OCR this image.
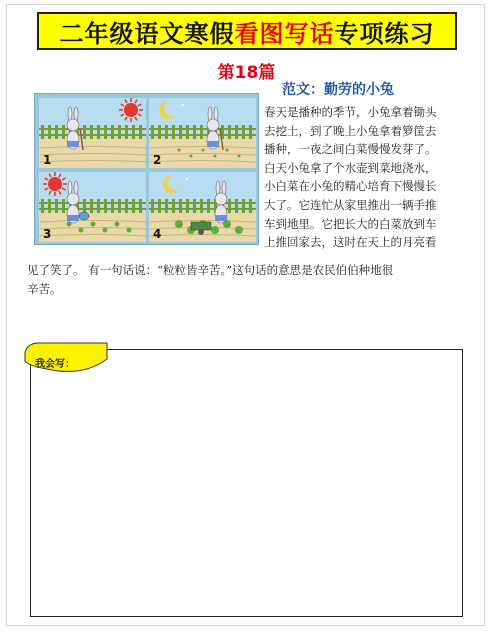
二年级语文寒假 看图写话 专项练习
第18篇
范文：勤劳的小兔
1	2
3	4

春天是播种的季节，小兔拿着锄头
去挖土，到了晚上小兔拿着箩筐去
播种，一夜之间白菜慢慢发芽了。
白天小兔拿了个水壶到菜地浇水，
小白菜在小兔的精心培育下慢慢长
大了。它连忙从家里推出一辆手推
车到地里。它把长大的白菜放到车
上推回家去，这时在天上的月亮看

见了笑了。 有一句话说：“粒粒皆辛苦。”这句话的意思是农民伯伯种地很
辛苦。

我会写：
